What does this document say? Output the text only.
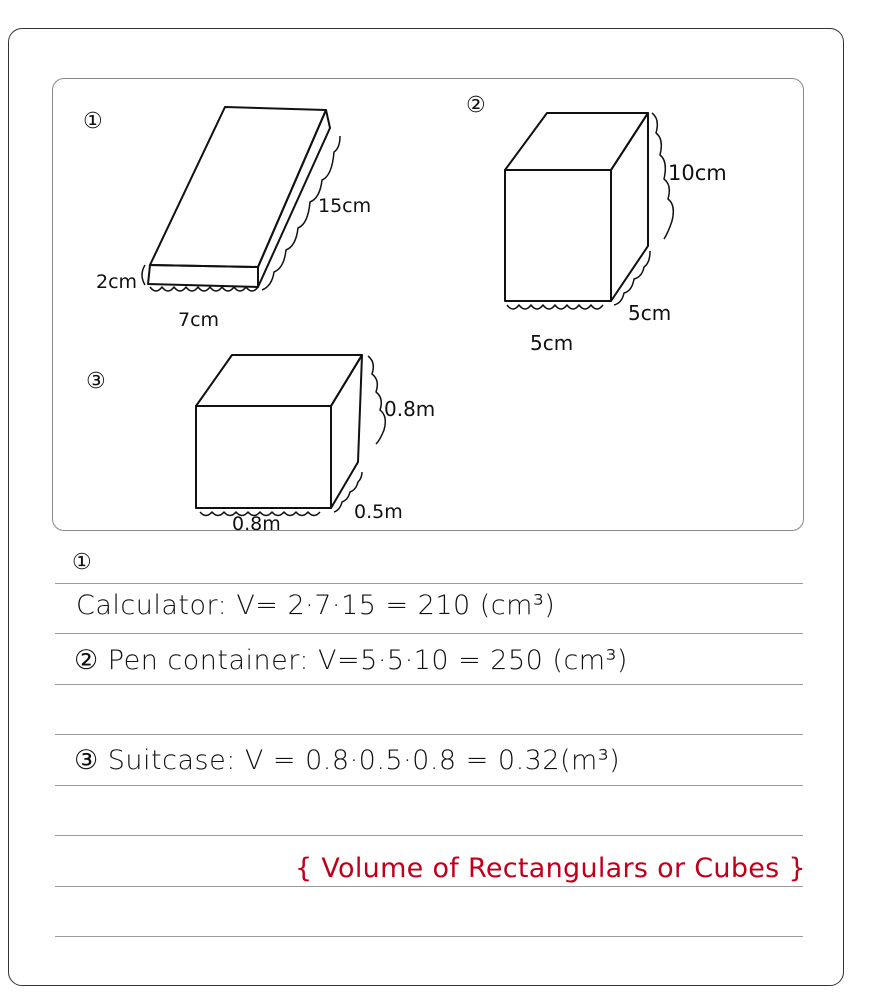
①
2cm
7cm
15cm
②
10cm
5cm
5cm
③
0.8m
0.8m
0.5m
①
Calculator: V= 2·7·15 = 210 (cm³)
② Pen container: V=5·5·10 = 250 (cm³)
③ Suitcase: V = 0.8·0.5·0.8 = 0.32(m³)
{ Volume of Rectangulars or Cubes }
